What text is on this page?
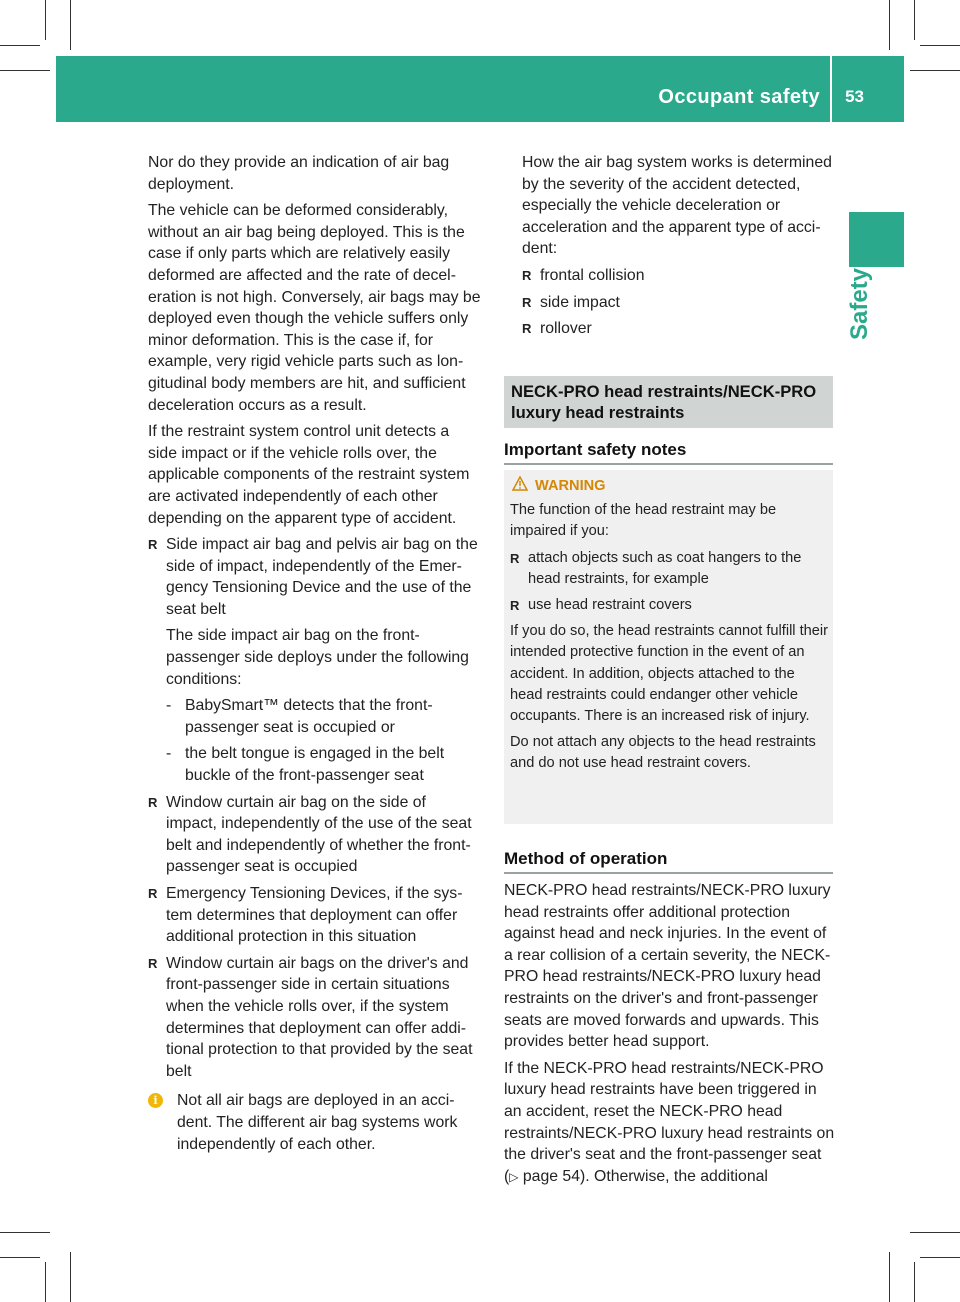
Occupant safety 53
Safety

Nor do they provide an indication of air bag deployment.

The vehicle can be deformed considerably, without an air bag being deployed. This is the case if only parts which are relatively easily deformed are affected and the rate of deceleration is not high. Conversely, air bags may be deployed even though the vehicle suffers only minor deformation. This is the case if, for example, very rigid vehicle parts such as longitudinal body members are hit, and sufficient deceleration occurs as a result.

If the restraint system control unit detects a side impact or if the vehicle rolls over, the applicable components of the restraint system are activated independently of each other depending on the apparent type of accident.

R Side impact air bag and pelvis air bag on the side of impact, independently of the Emergency Tensioning Device and the use of the seat belt
The side impact air bag on the front-passenger side deploys under the following conditions:
- BabySmart™ detects that the front-passenger seat is occupied or
- the belt tongue is engaged in the belt buckle of the front-passenger seat
R Window curtain air bag on the side of impact, independently of the use of the seat belt and independently of whether the front-passenger seat is occupied
R Emergency Tensioning Devices, if the system determines that deployment can offer additional protection in this situation
R Window curtain air bags on the driver's and front-passenger side in certain situations when the vehicle rolls over, if the system determines that deployment can offer additional protection to that provided by the seat belt
i	Not all air bags are deployed in an accident. The different air bag systems work independently of each other.

How the air bag system works is determined by the severity of the accident detected, especially the vehicle deceleration or acceleration and the apparent type of accident:

R frontal collision
R side impact
R rollover
NECK-PRO head restraints/NECK-PRO luxury head restraints
Important safety notes
WARNING

The function of the head restraint may be impaired if you:

R attach objects such as coat hangers to the head restraints, for example
R use head restraint covers

If you do so, the head restraints cannot fulfill their intended protective function in the event of an accident. In addition, objects attached to the head restraints could endanger other vehicle occupants. There is an increased risk of injury.

Do not attach any objects to the head restraints and do not use head restraint covers.

Method of operation

NECK-PRO head restraints/NECK-PRO luxury head restraints offer additional protection against head and neck injuries. In the event of a rear collision of a certain severity, the NECK-PRO head restraints/NECK-PRO luxury head restraints on the driver's and front-passenger seats are moved forwards and upwards. This provides better head support.

If the NECK-PRO head restraints/NECK-PRO luxury head restraints have been triggered in an accident, reset the NECK-PRO head restraints/NECK-PRO luxury head restraints on the driver's seat and the front-passenger seat (▷ page 54). Otherwise, the additional
